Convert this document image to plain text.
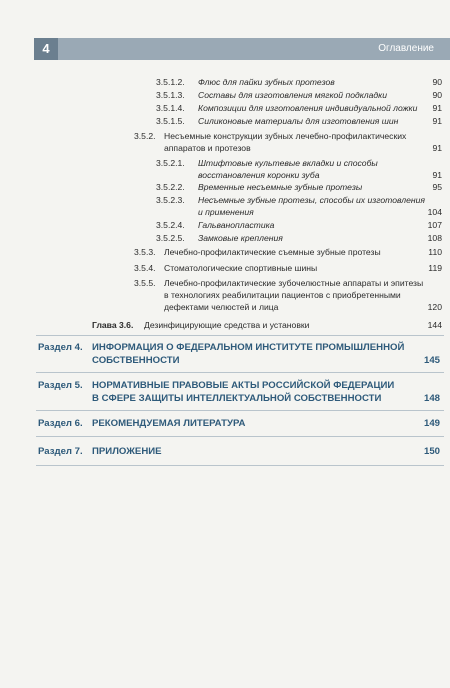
4	Оглавление
3.5.1.2. Флюс для пайки зубных протезов	90
3.5.1.3. Составы для изготовления мягкой подкладки	90
3.5.1.4. Композиции для изготовления индивидуальной ложки	91
3.5.1.5. Силиконовые материалы для изготовления шин	91
3.5.2. Несъемные конструкции зубных лечебно-профилактических
аппаратов и протезов	91
3.5.2.1. Штифтовые культевые вкладки и способы
восстановления коронки зуба	91
3.5.2.2. Временные несъемные зубные протезы	95
3.5.2.3. Несъемные зубные протезы, способы их изготовления
и применения	104
3.5.2.4. Гальванопластика	107
3.5.2.5. Замковые крепления	108
3.5.3. Лечебно-профилактические съемные зубные протезы	110
3.5.4. Стоматологические спортивные шины	119
3.5.5. Лечебно-профилактические зубочелюстные аппараты и эпитезы
в технологиях реабилитации пациентов с приобретенными
дефектами челюстей и лица	120
Глава 3.6. Дезинфицирующие средства и установки	144
Раздел 4. ИНФОРМАЦИЯ О ФЕДЕРАЛЬНОМ ИНСТИТУТЕ ПРОМЫШЛЕННОЙ
СОБСТВЕННОСТИ	145
Раздел 5. НОРМАТИВНЫЕ ПРАВОВЫЕ АКТЫ РОССИЙСКОЙ ФЕДЕРАЦИИ
В СФЕРЕ ЗАЩИТЫ ИНТЕЛЛЕКТУАЛЬНОЙ СОБСТВЕННОСТИ	148
Раздел 6. РЕКОМЕНДУЕМАЯ ЛИТЕРАТУРА	149
Раздел 7. ПРИЛОЖЕНИЕ	150
